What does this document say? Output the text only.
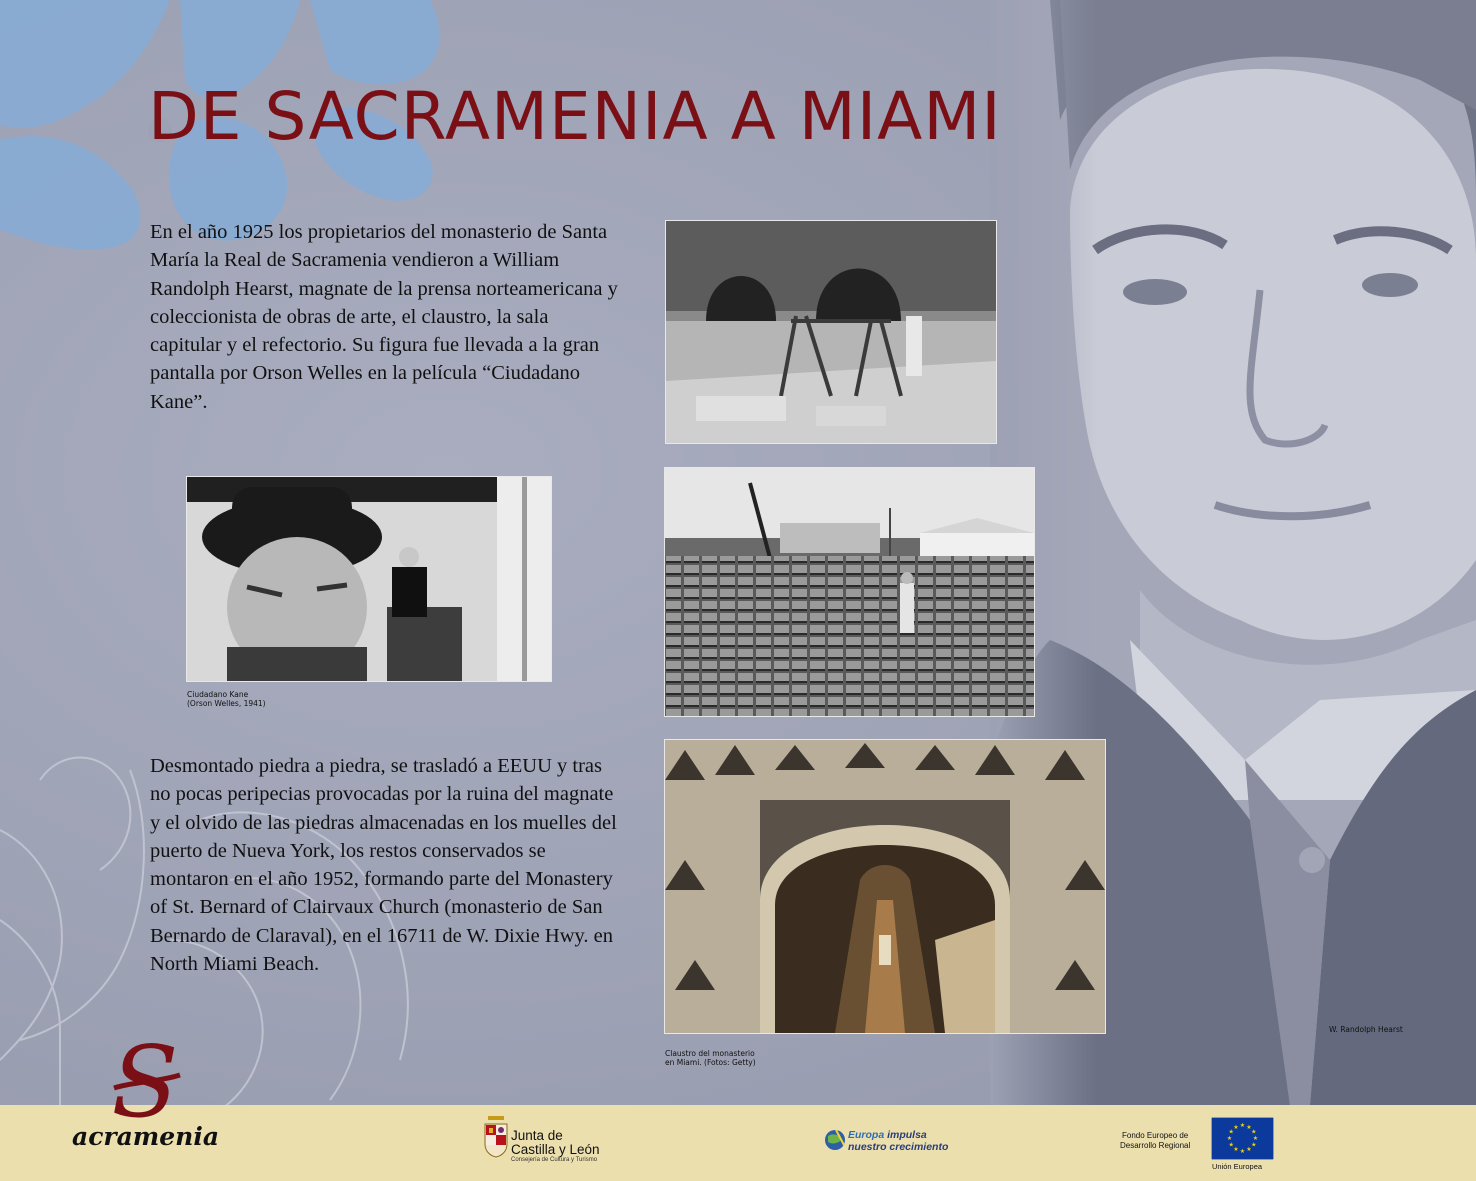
DE SACRAMENIA A MIAMI

En el año 1925 los propietarios del monasterio de Santa María la Real de Sacramenia vendieron a William Randolph Hearst, magnate de la prensa norteamericana y coleccionista de obras de arte, el claustro, la sala capitular y el refectorio. Su figura fue llevada a la gran pantalla por Orson Welles en la película “Ciudadano Kane”.

Desmontado piedra a piedra, se trasladó a EEUU y tras no pocas peripecias provocadas por la ruina del magnate y el olvido de las piedras almacenadas en los muelles del puerto de Nueva York, los restos conservados se montaron en el año 1952, formando parte del Monastery of St. Bernard of Clairvaux Church (monasterio de San Bernardo de Claraval), en el 16711 de W. Dixie Hwy. en North Miami Beach.

Ciudadano Kane
(Orson Welles, 1941)

Claustro del monasterio
en Miami. (Fotos: Getty)

W. Randolph Hearst

S

acramenia	Junta de
Castilla y León

Consejería de Cultura y Turismo

Europa impulsa
nuestro crecimiento

Fondo Europeo de
Desarrollo Regional

★ ★
★
★
★
★
★
★
★
★
★
★

Unión Europea
